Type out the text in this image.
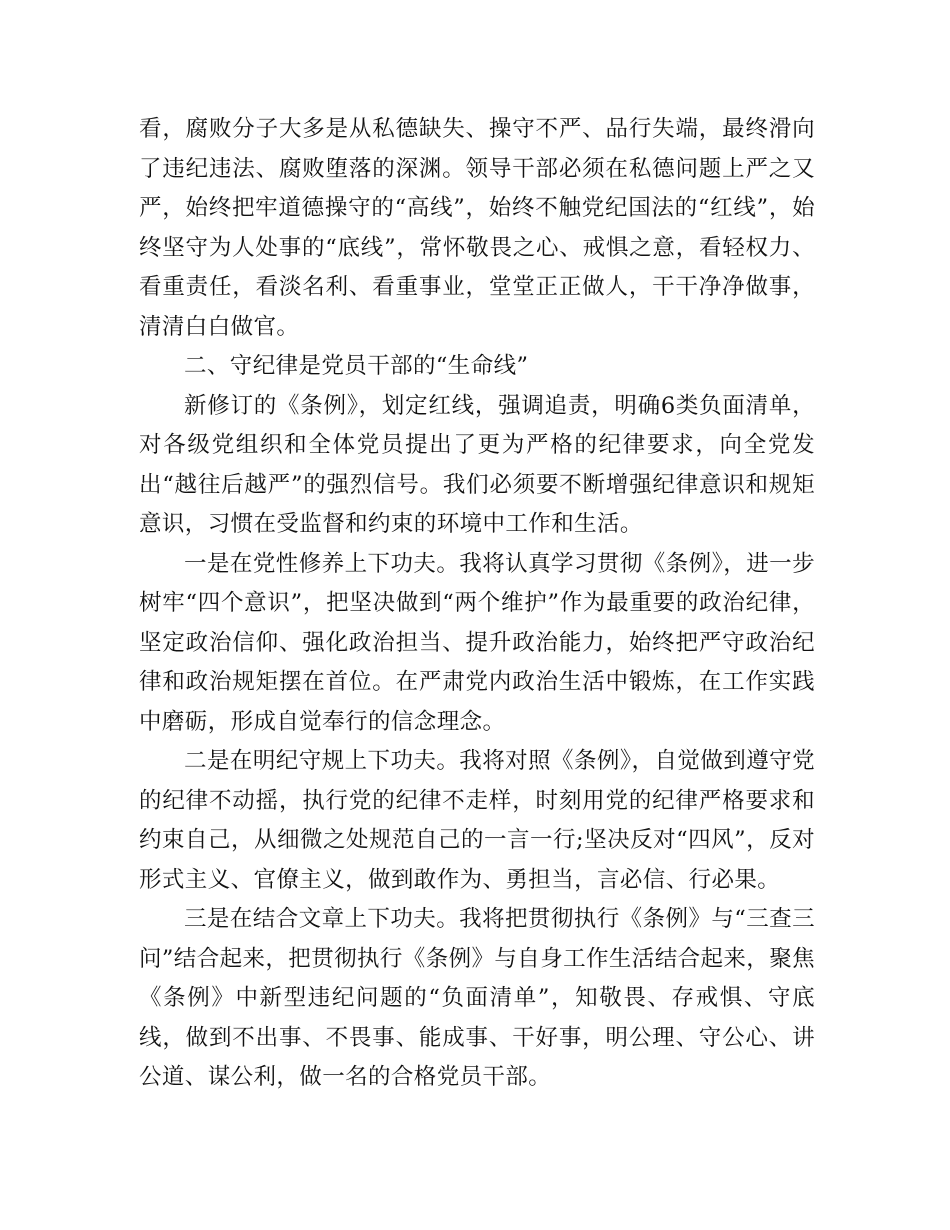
看，腐败分子大多是从私德缺失、操守不严、品行失端，最终滑向了违纪违法、腐败堕落的深渊。领导干部必须在私德问题上严之又严，始终把牢道德操守的“高线”，始终不触党纪国法的“红线”，始终坚守为人处事的“底线”，常怀敬畏之心、戒惧之意，看轻权力、看重责任，看淡名利、看重事业，堂堂正正做人，干干净净做事，清清白白做官。

二、守纪律是党员干部的“生命线”

新修订的《条例》，划定红线，强调追责，明确6类负面清单，对各级党组织和全体党员提出了更为严格的纪律要求，向全党发出“越往后越严”的强烈信号。我们必须要不断增强纪律意识和规矩意识，习惯在受监督和约束的环境中工作和生活。

一是在党性修养上下功夫。我将认真学习贯彻《条例》，进一步树牢“四个意识”，把坚决做到“两个维护”作为最重要的政治纪律，坚定政治信仰、强化政治担当、提升政治能力，始终把严守政治纪律和政治规矩摆在首位。在严肃党内政治生活中锻炼，在工作实践中磨砺，形成自觉奉行的信念理念。

二是在明纪守规上下功夫。我将对照《条例》，自觉做到遵守党的纪律不动摇，执行党的纪律不走样，时刻用党的纪律严格要求和约束自己，从细微之处规范自己的一言一行;坚决反对“四风”，反对形式主义、官僚主义，做到敢作为、勇担当，言必信、行必果。

三是在结合文章上下功夫。我将把贯彻执行《条例》与“三查三问”结合起来，把贯彻执行《条例》与自身工作生活结合起来，聚焦《条例》中新型违纪问题的“负面清单”，知敬畏、存戒惧、守底线，做到不出事、不畏事、能成事、干好事，明公理、守公心、讲公道、谋公利，做一名的合格党员干部。
